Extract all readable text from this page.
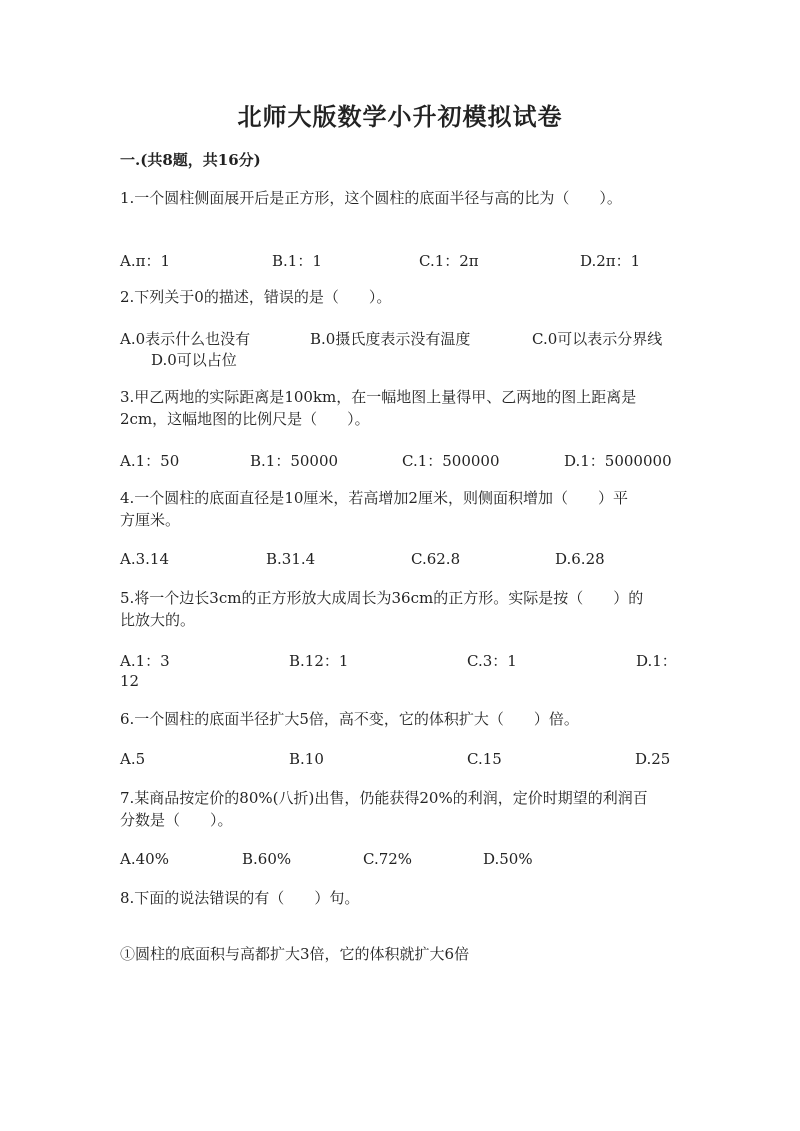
北师大版数学小升初模拟试卷
一.(共8题，共16分)
1.一个圆柱侧面展开后是正方形，这个圆柱的底面半径与高的比为（　　）。
A.π：1	B.1：1	C.1：2π	D.2π：1
2.下列关于0的描述，错误的是（　　）。
A.0表示什么也没有	B.0摄氏度表示没有温度	C.0可以表示分界线
D.0可以占位
3.甲乙两地的实际距离是100km，在一幅地图上量得甲、乙两地的图上距离是
2cm，这幅地图的比例尺是（　　）。
A.1：50	B.1：50000	C.1：500000	D.1：5000000
4.一个圆柱的底面直径是10厘米，若高增加2厘米，则侧面积增加（　　）平
方厘米。
A.3.14	B.31.4	C.62.8	D.6.28
5.将一个边长3cm的正方形放大成周长为36cm的正方形。实际是按（　　）的
比放大的。
A.1：3	B.12：1	C.3：1	D.1：
12
6.一个圆柱的底面半径扩大5倍，高不变，它的体积扩大（　　）倍。
A.5	B.10	C.15	D.25
7.某商品按定价的80%(八折)出售，仍能获得20%的利润，定价时期望的利润百
分数是（　　）。
A.40%	B.60%	C.72%	D.50%
8.下面的说法错误的有（　　）句。
①圆柱的底面积与高都扩大3倍，它的体积就扩大6倍
